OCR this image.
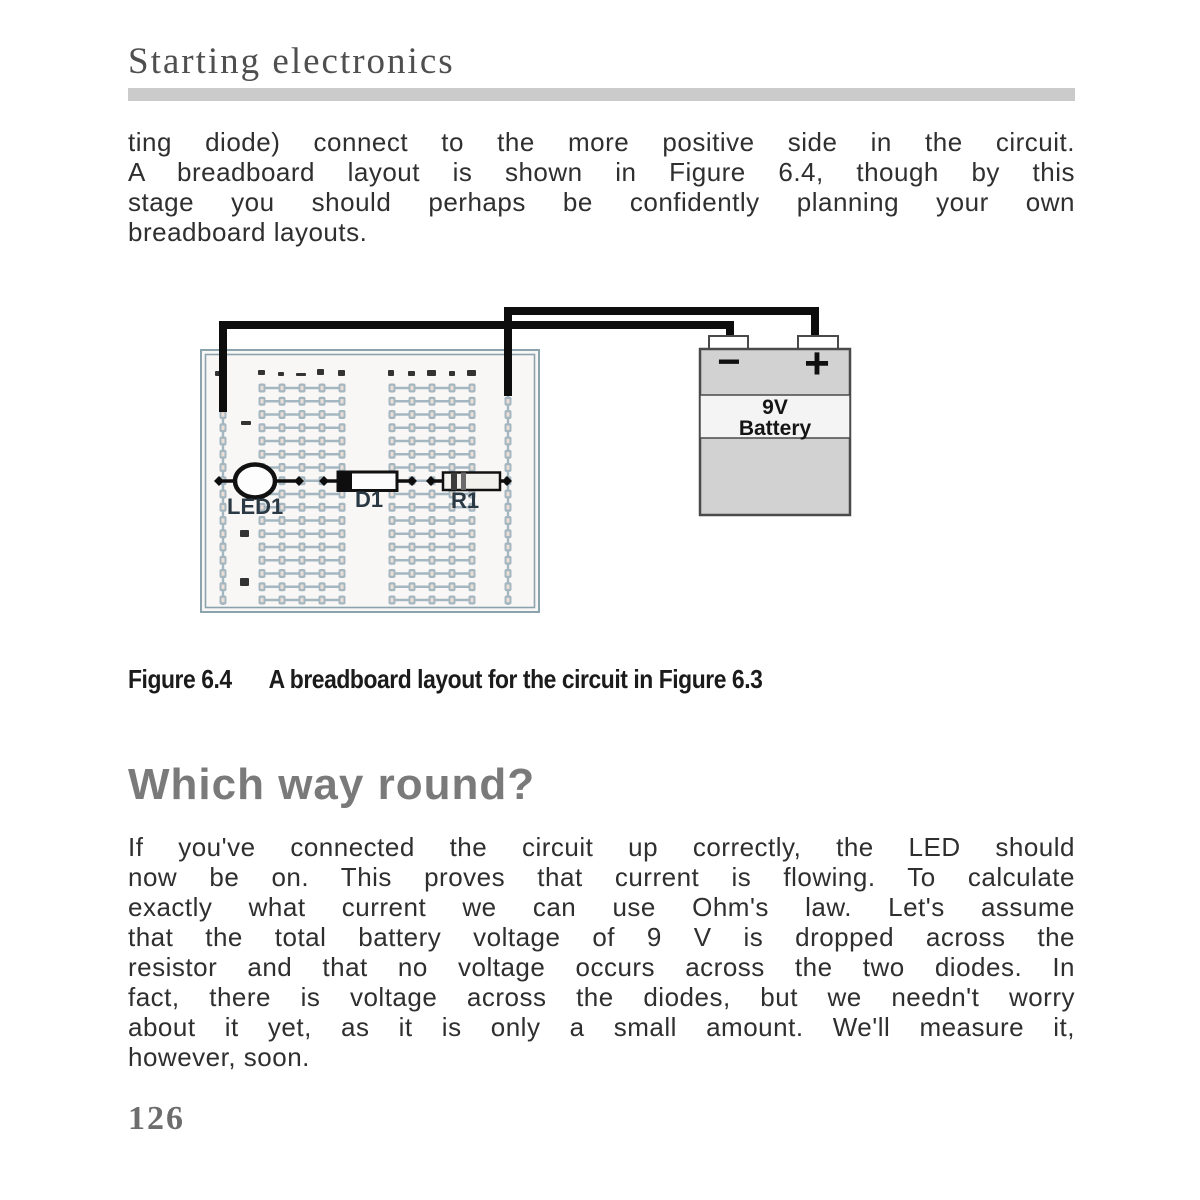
Starting electronics
ting diode) connect to the more positive side in the circuit.
A breadboard layout is shown in Figure 6.4, though by this
stage you should perhaps be confidently planning your own
breadboard layouts.
− +
9V
Battery
LED1	D1	R1
Figure 6.4 A breadboard layout for the circuit in Figure 6.3
Which way round?
If you've connected the circuit up correctly, the LED should
now be on. This proves that current is flowing. To calculate
exactly what current we can use Ohm's law. Let's assume
that the total battery voltage of 9 V is dropped across the
resistor and that no voltage occurs across the two diodes. In
fact, there is voltage across the diodes, but we needn't worry
about it yet, as it is only a small amount. We'll measure it,
however, soon.
126
